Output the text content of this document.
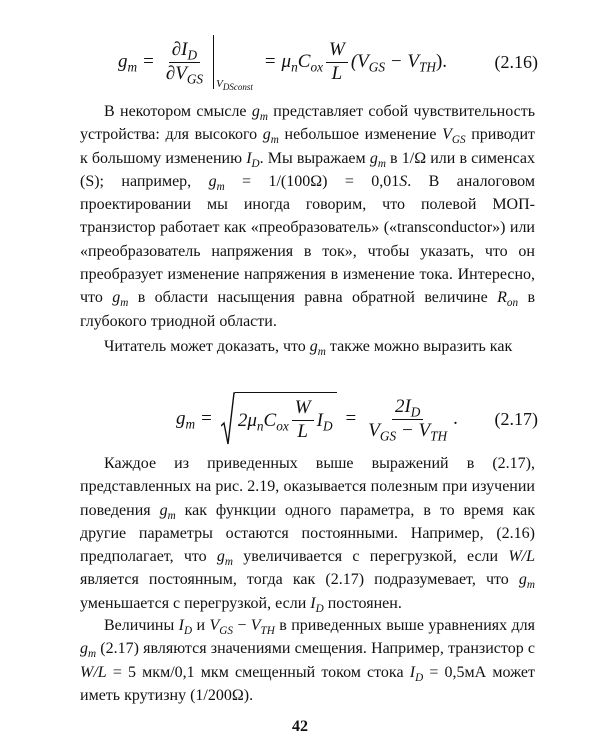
$g_m = \frac{\partial I_D}{\partial V_{GS}} V_{DSconst}$
= $\mu_nC_{ox} \frac{W}{L} (V_{GS} - V_{TH})$.	(2.16)

В некотором смысле $g_m$ представляет собой чувствительность устройства: для высокого $g_m$ небольшое изменение $V_{GS}$ приводит к большому изменению $I_D$. Мы выражаем $g_m$ в 1/Ω или в сименсах (S); например, $g_m = 1/(100\Omega) = 0,01S$. В аналоговом проектировании мы иногда говорим, что полевой МОП-транзистор работает как «преобразователь» («transconductor») или «преобразователь напряжения в ток», чтобы указать, что он преобразует изменение напряжения в изменение тока. Интересно, что $g_m$ в области насыщения равна обратной величине $R_{on}$ в глубокого триодной области.

Читатель может доказать, что $g_m$ также можно выразить как

$g_m = 2\mu_nC_{ox} \frac{W}{L} I_D = \frac{2I_D}{V_{GS} - V_{TH}}$ . (2.17)

Каждое из приведенных выше выражений в (2.17), представленных на рис. 2.19, оказывается полезным при изучении поведения $g_m$ как функции одного параметра, в то время как другие параметры остаются постоянными. Например, (2.16) предполагает, что $g_m$ увеличивается с перегрузкой, если W/L является постоянным, тогда как (2.17) подразумевает, что $g_m$ уменьшается с перегрузкой, если $I_D$ постоянен.

Величины $I_D$ и $V_{GS} - V_{TH}$ в приведенных выше уравнениях для $g_m$ (2.17) являются значениями смещения. Например, транзистор с W/L = 5 мкм/0,1 мкм смещенный током стока $I_D = 0,5мА$ может иметь крутизну (1/200Ω).

42
